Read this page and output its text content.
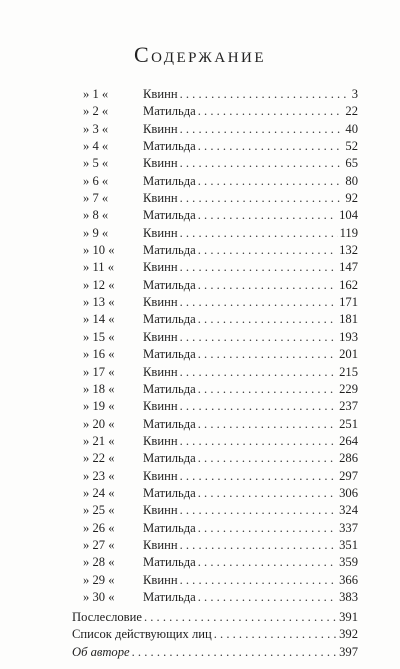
Содержание
» 1 «	Квинн . . .	3
» 2 «	Матильда . . .	22
» 3 «	Квинн . . .	40
» 4 «	Матильда . . .	52
» 5 «	Квинн . . .	65
» 6 «	Матильда . . .	80
» 7 «	Квинн . . .	92
» 8 «	Матильда . . .	104
» 9 «	Квинн . . .	119
» 10 «	Матильда . . .	132
» 11 «	Квинн . . .	147
» 12 «	Матильда . . .	162
» 13 «	Квинн . . .	171
» 14 «	Матильда . . .	181
» 15 «	Квинн . . .	193
» 16 «	Матильда . . .	201
» 17 «	Квинн . . .	215
» 18 «	Матильда . . .	229
» 19 «	Квинн . . .	237
» 20 «	Матильда . . .	251
» 21 «	Квинн . . .	264
» 22 «	Матильда . . .	286
» 23 «	Квинн . . .	297
» 24 «	Матильда . . .	306
» 25 «	Квинн . . .	324
» 26 «	Матильда . . .	337
» 27 «	Квинн . . .	351
» 28 «	Матильда . . .	359
» 29 «	Квинн . . .	366
» 30 «	Матильда . . .	383
Послесловие . . .	391
Список действующих лиц . . .	392
Об авторе . . .	397
